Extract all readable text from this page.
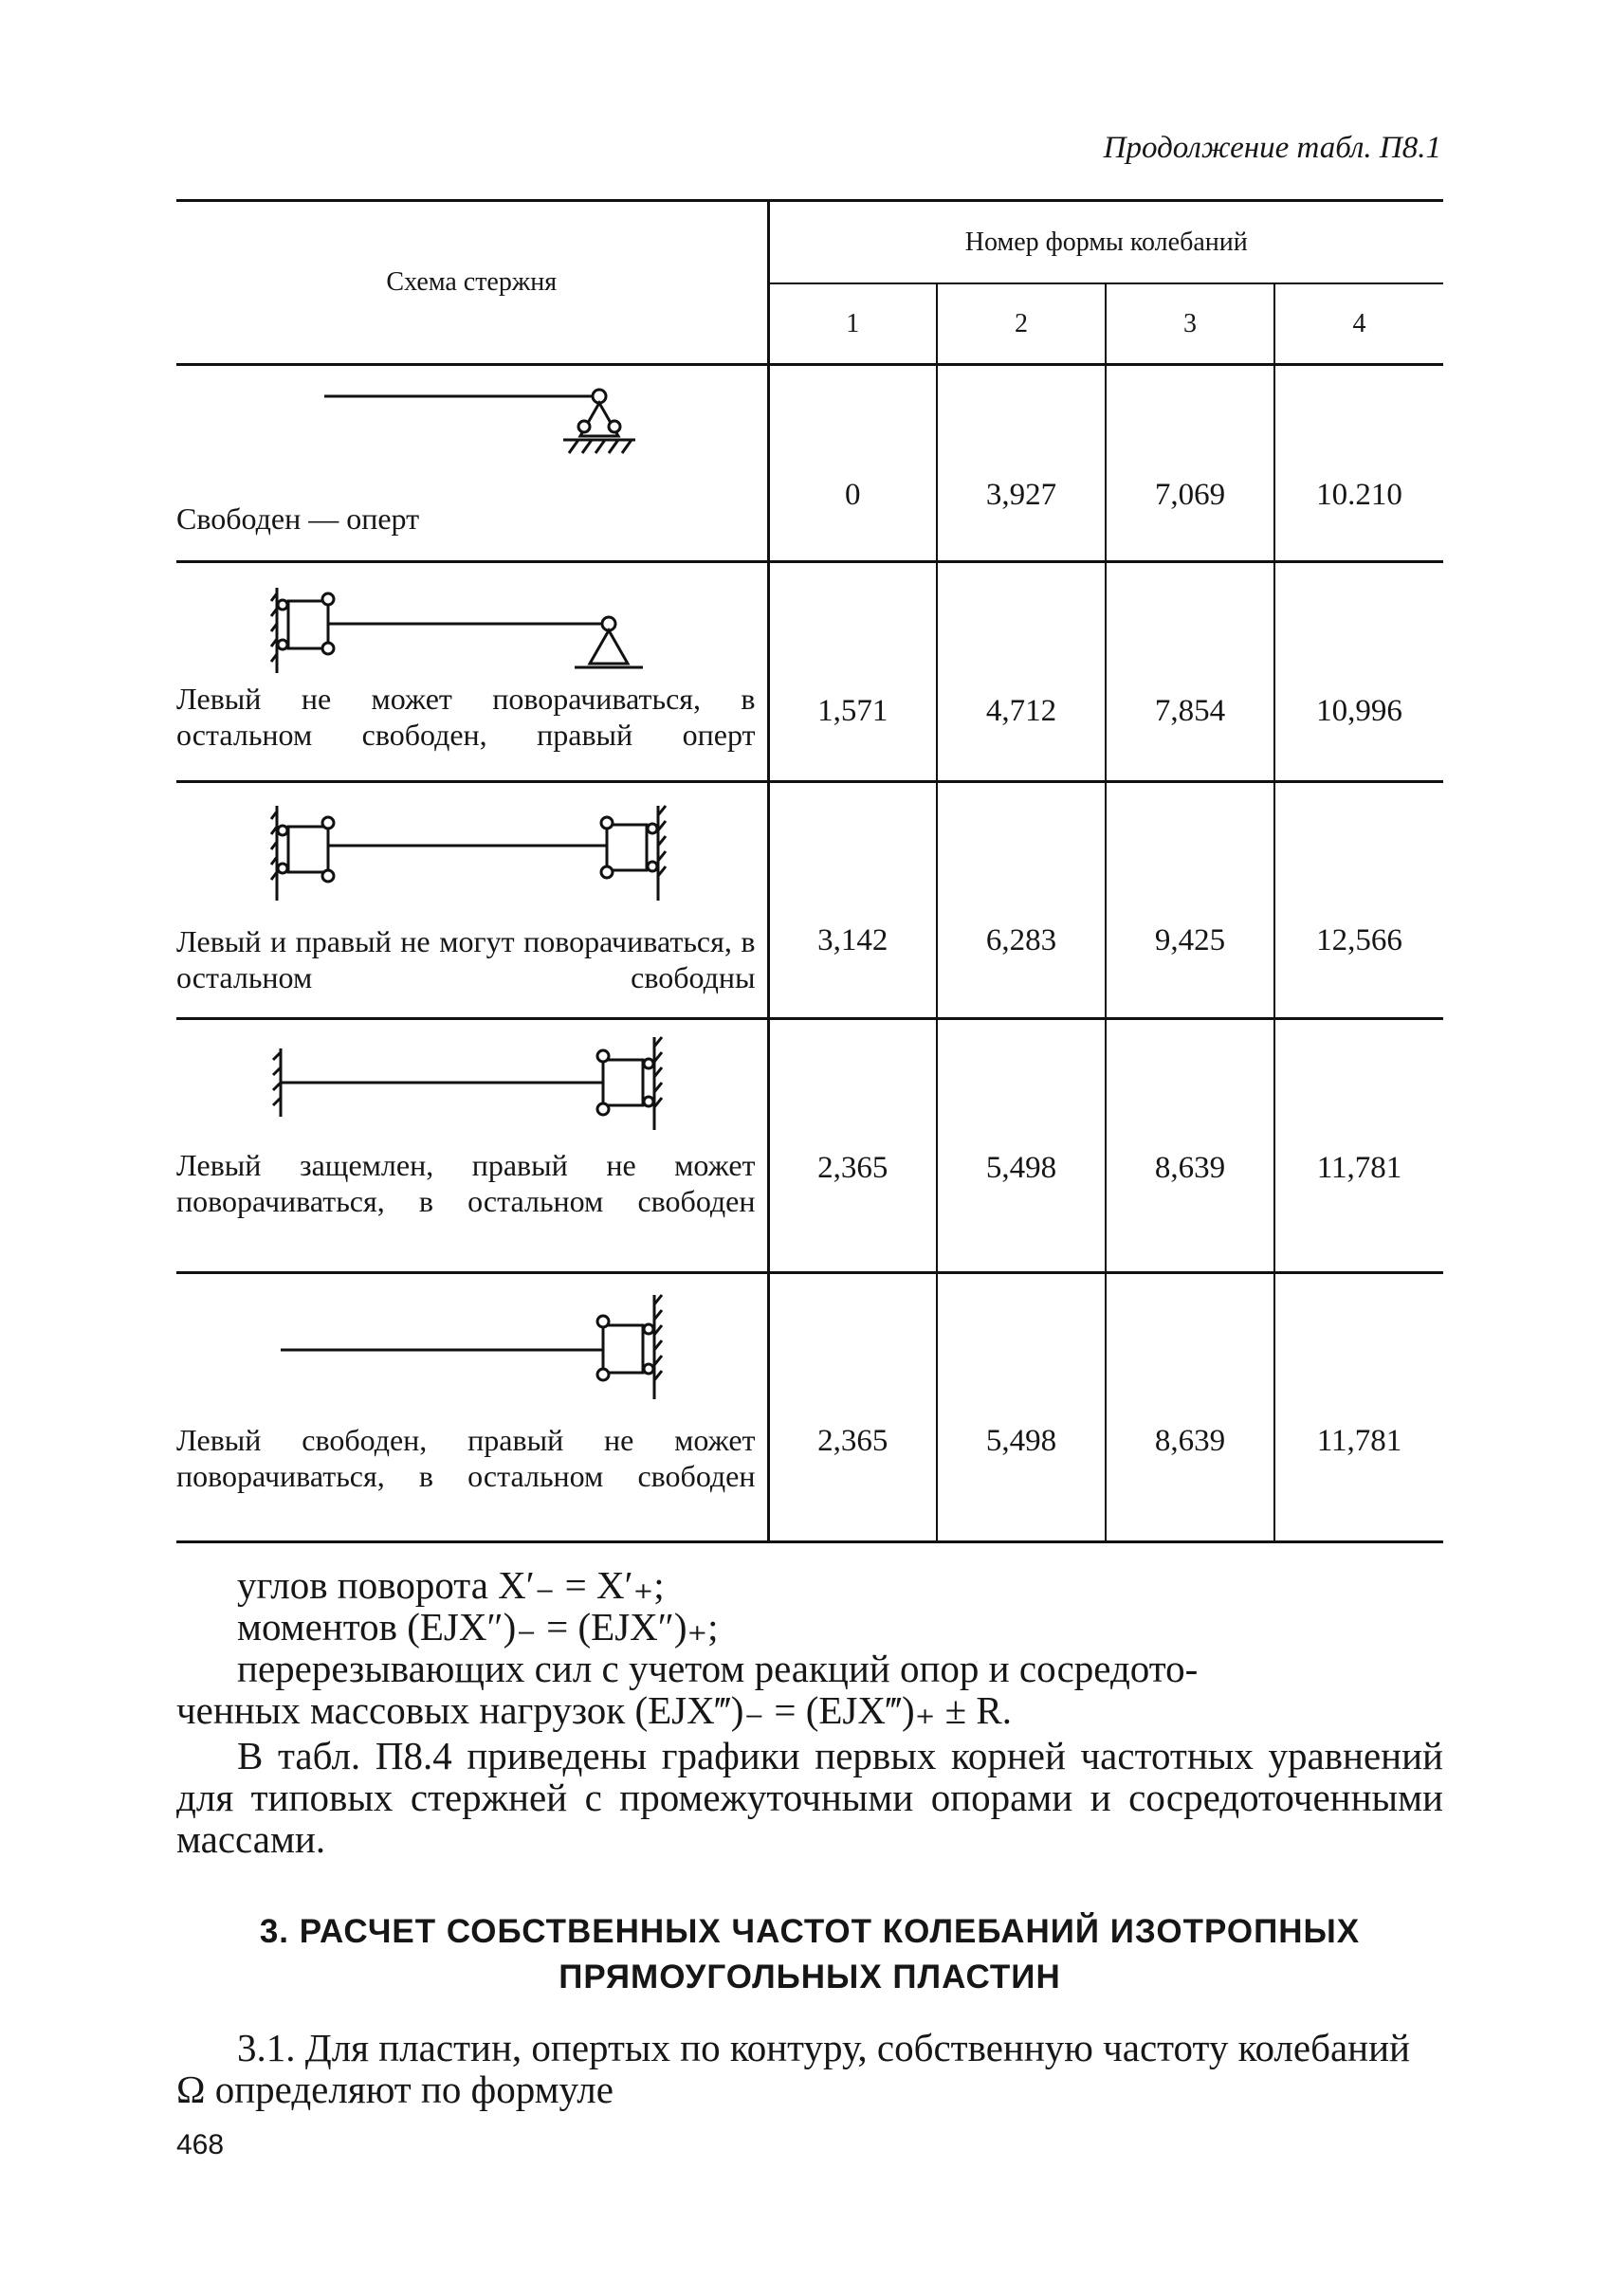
Продолжение табл. П8.1
Схема стержня	Номер формы колебаний			
	1	2	3	4

Свободен — оперт	0	3,927	7,069	10.210

Левый не может поворачиваться, в остальном свободен, правый оперт	1,571	4,712	7,854	10,996

Левый и правый не могут поворачиваться, в остальном свободны	3,142	6,283	9,425	12,566

Левый защемлен, правый не может поворачиваться, в остальном свободен	2,365	5,498	8,639	11,781

Левый свободен, правый не может поворачиваться, в остальном свободен	2,365	5,498	8,639	11,781
углов поворота X′₋ = X′₊;
моментов (EJX″)₋ = (EJX″)₊;
перерезывающих сил с учетом реакций опор и сосредото-
ченных массовых нагрузок (EJX‴)₋ = (EJX‴)₊ ± R.
В табл. П8.4 приведены графики первых корней частотных уравнений для типовых стержней с промежуточными опорами и сосредоточенными массами.
3. РАСЧЕТ СОБСТВЕННЫХ ЧАСТОТ КОЛЕБАНИЙ ИЗОТРОПНЫХ ПРЯМОУГОЛЬНЫХ ПЛАСТИН
3.1. Для пластин, опертых по контуру, собственную частоту колебаний Ω определяют по формуле
468
